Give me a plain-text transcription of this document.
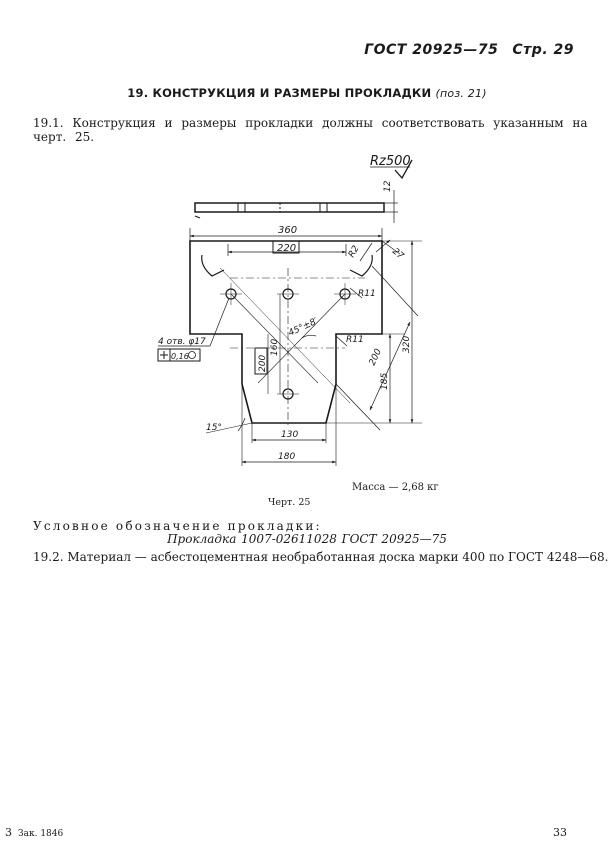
ГОСТ 20925—75 Стр. 29
19. КОНСТРУКЦИЯ И РАЗМЕРЫ ПРОКЛАДКИ (поз. 21)
19.1. Конструкция и размеры прокладки должны соответствовать указанным на черт. 25.
Rz500
12
360
220	R2	27
R11
4 отв. φ17
0,16
45°±8′
R11
200
160
200
185
320
15°
130
180
Масса — 2,68 кг
Черт. 25
Условное обозначение прокладки:
Прокладка 1007-02611028 ГОСТ 20925—75
19.2. Материал — асбестоцементная необработанная доска марки 400 по ГОСТ 4248—68.
3 Зак. 1846	33
